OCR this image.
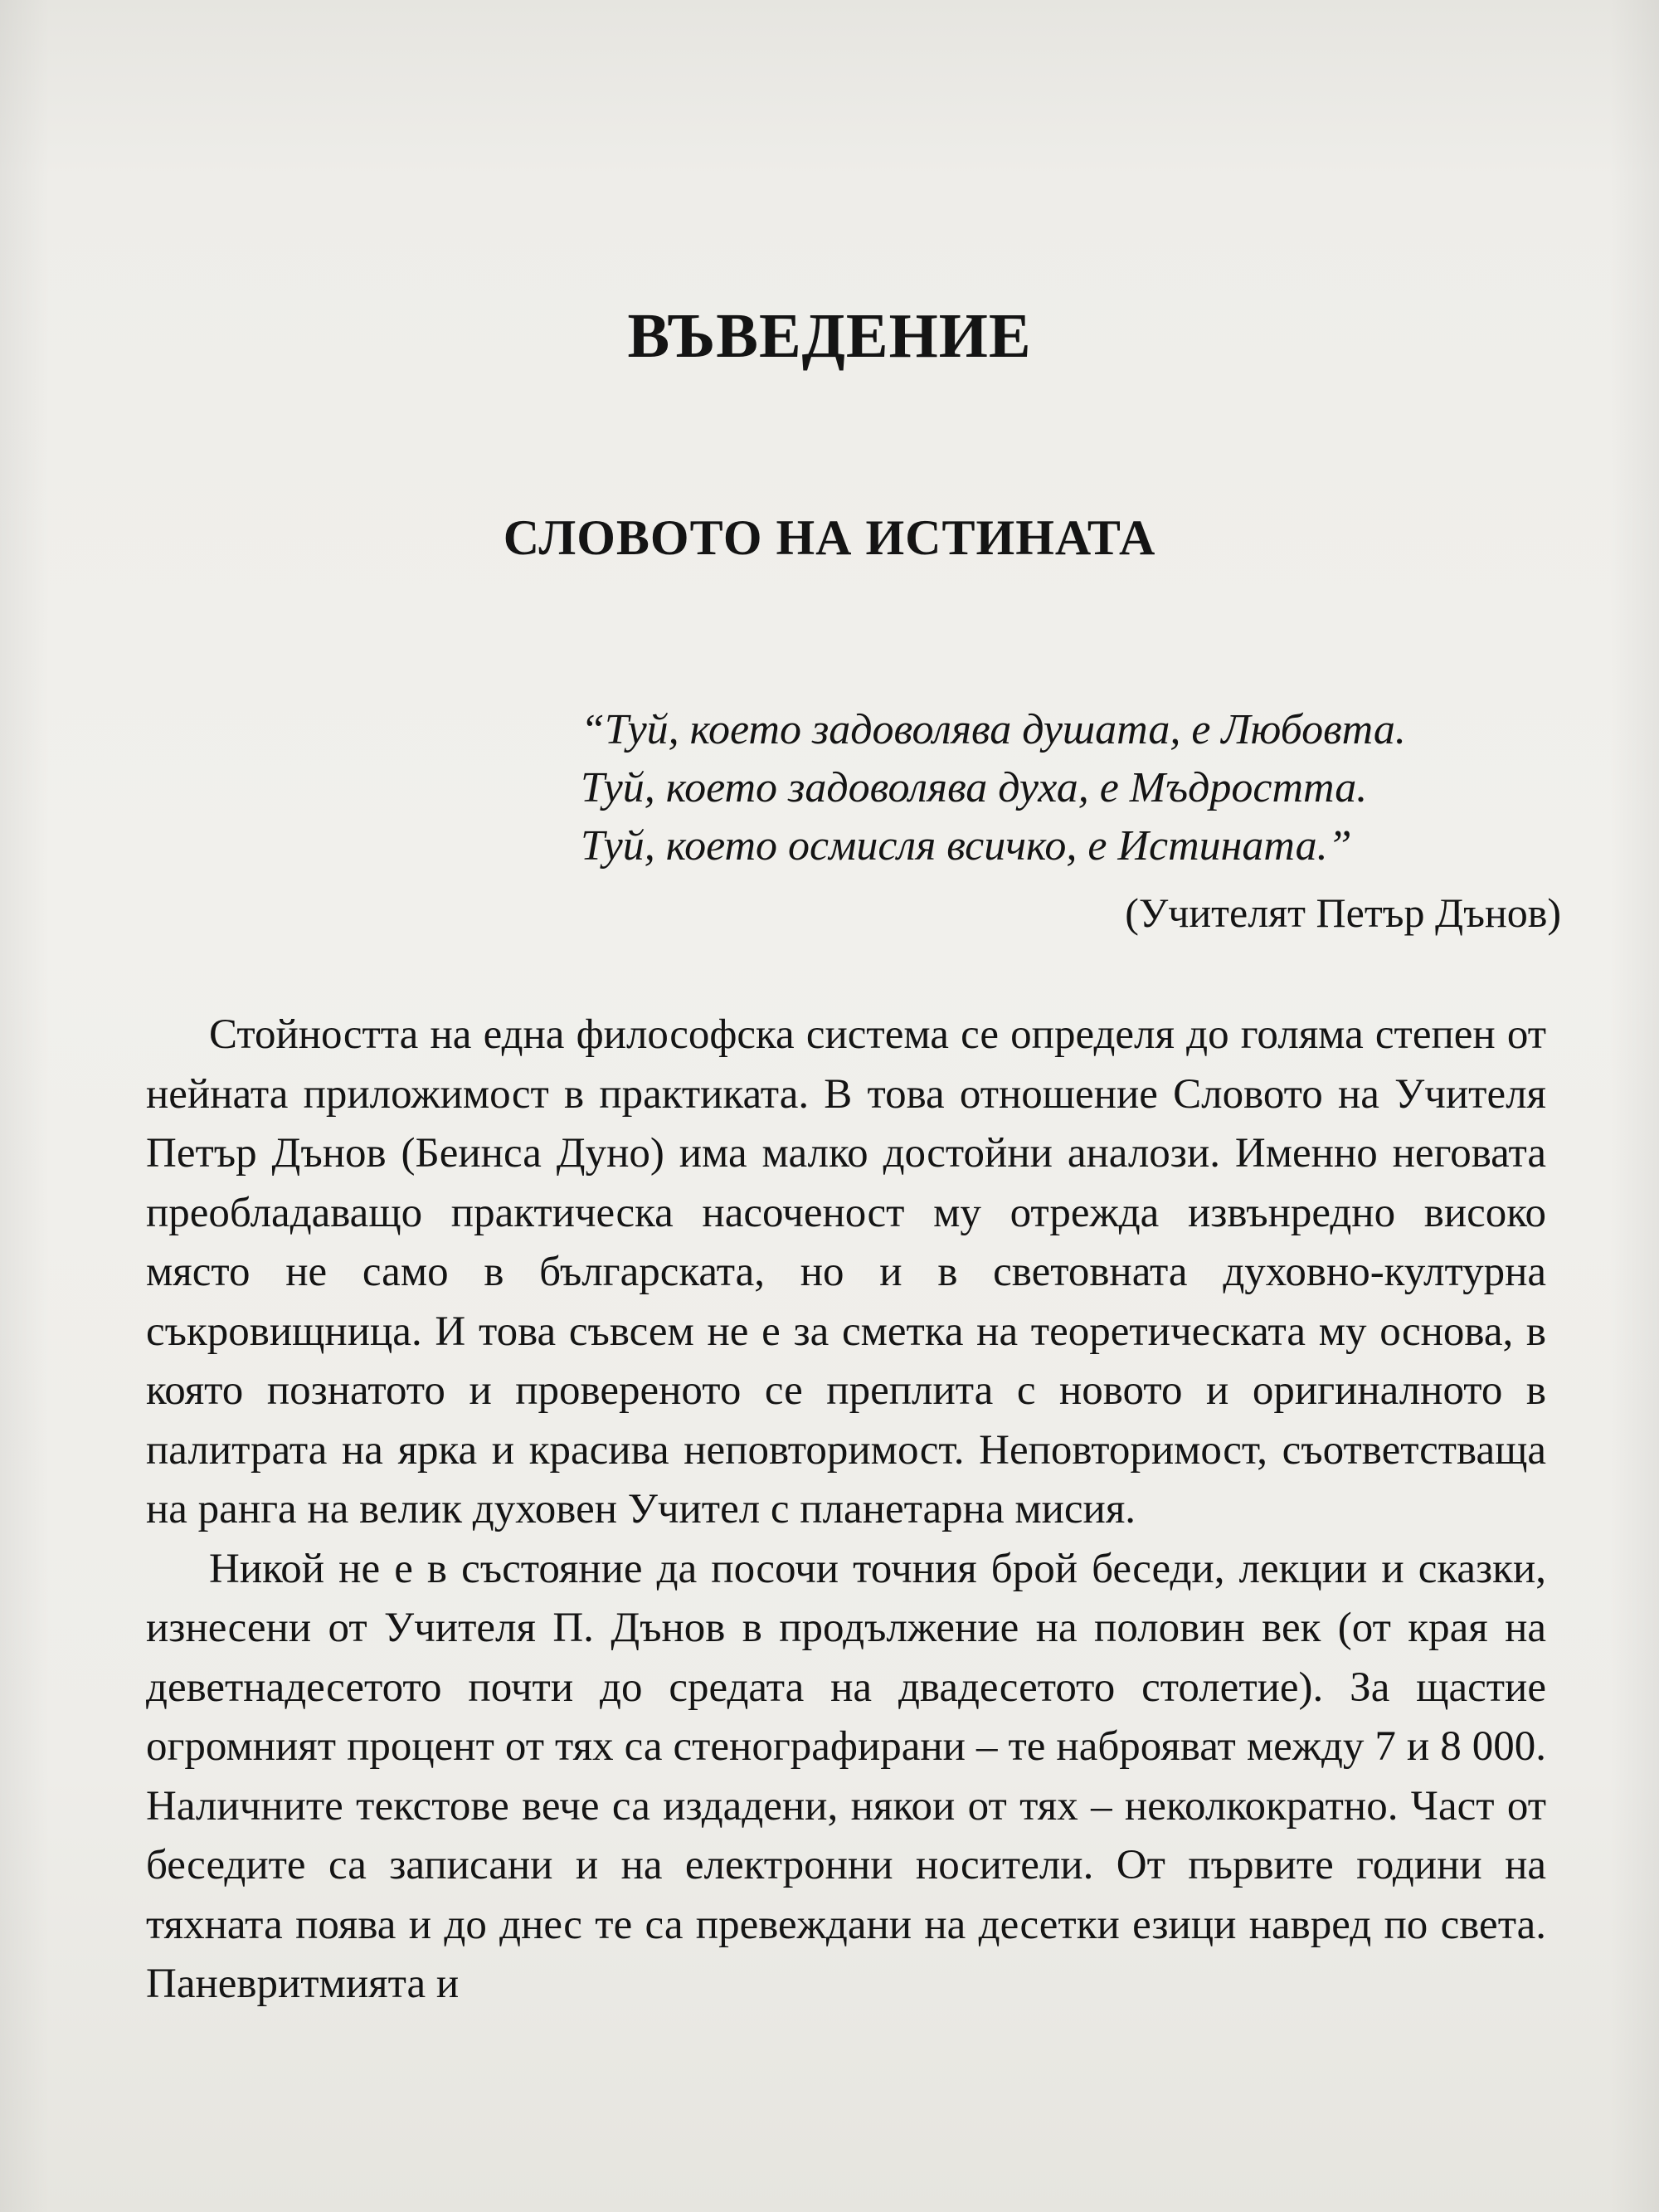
ВЪВЕДЕНИЕ
СЛОВОТО НА ИСТИНАТА
“Туй, което задоволява душата, е Любовта.
Туй, което задоволява духа, е Мъдростта.
Туй, което осмисля всичко, е Истината.”
(Учителят Петър Дънов)

Стойността на една философска система се определя до голяма степен от нейната приложимост в практиката. В това отношение Словото на Учителя Петър Дънов (Беинса Дуно) има малко достойни аналози. Именно неговата преобладаващо практическа насоченост му отрежда извънредно високо място не само в българската, но и в световната духовно-културна съкровищница. И това съвсем не е за сметка на теоретическата му основа, в която познатото и провереното се преплита с новото и оригиналното в палитрата на ярка и красива неповторимост. Неповторимост, съответстваща на ранга на велик духовен Учител с планетарна мисия.

Никой не е в състояние да посочи точния брой беседи, лекции и сказки, изнесени от Учителя П. Дънов в продължение на половин век (от края на деветнадесетото почти до средата на двадесетото столетие). За щастие огромният процент от тях са стенографирани – те наброяват между 7 и 8 000. Наличните текстове вече са издадени, някои от тях – неколкократно. Част от беседите са записани и на електронни носители. От първите години на тяхната поява и до днес те са превеждани на десетки езици навред по света. Паневритмията и
